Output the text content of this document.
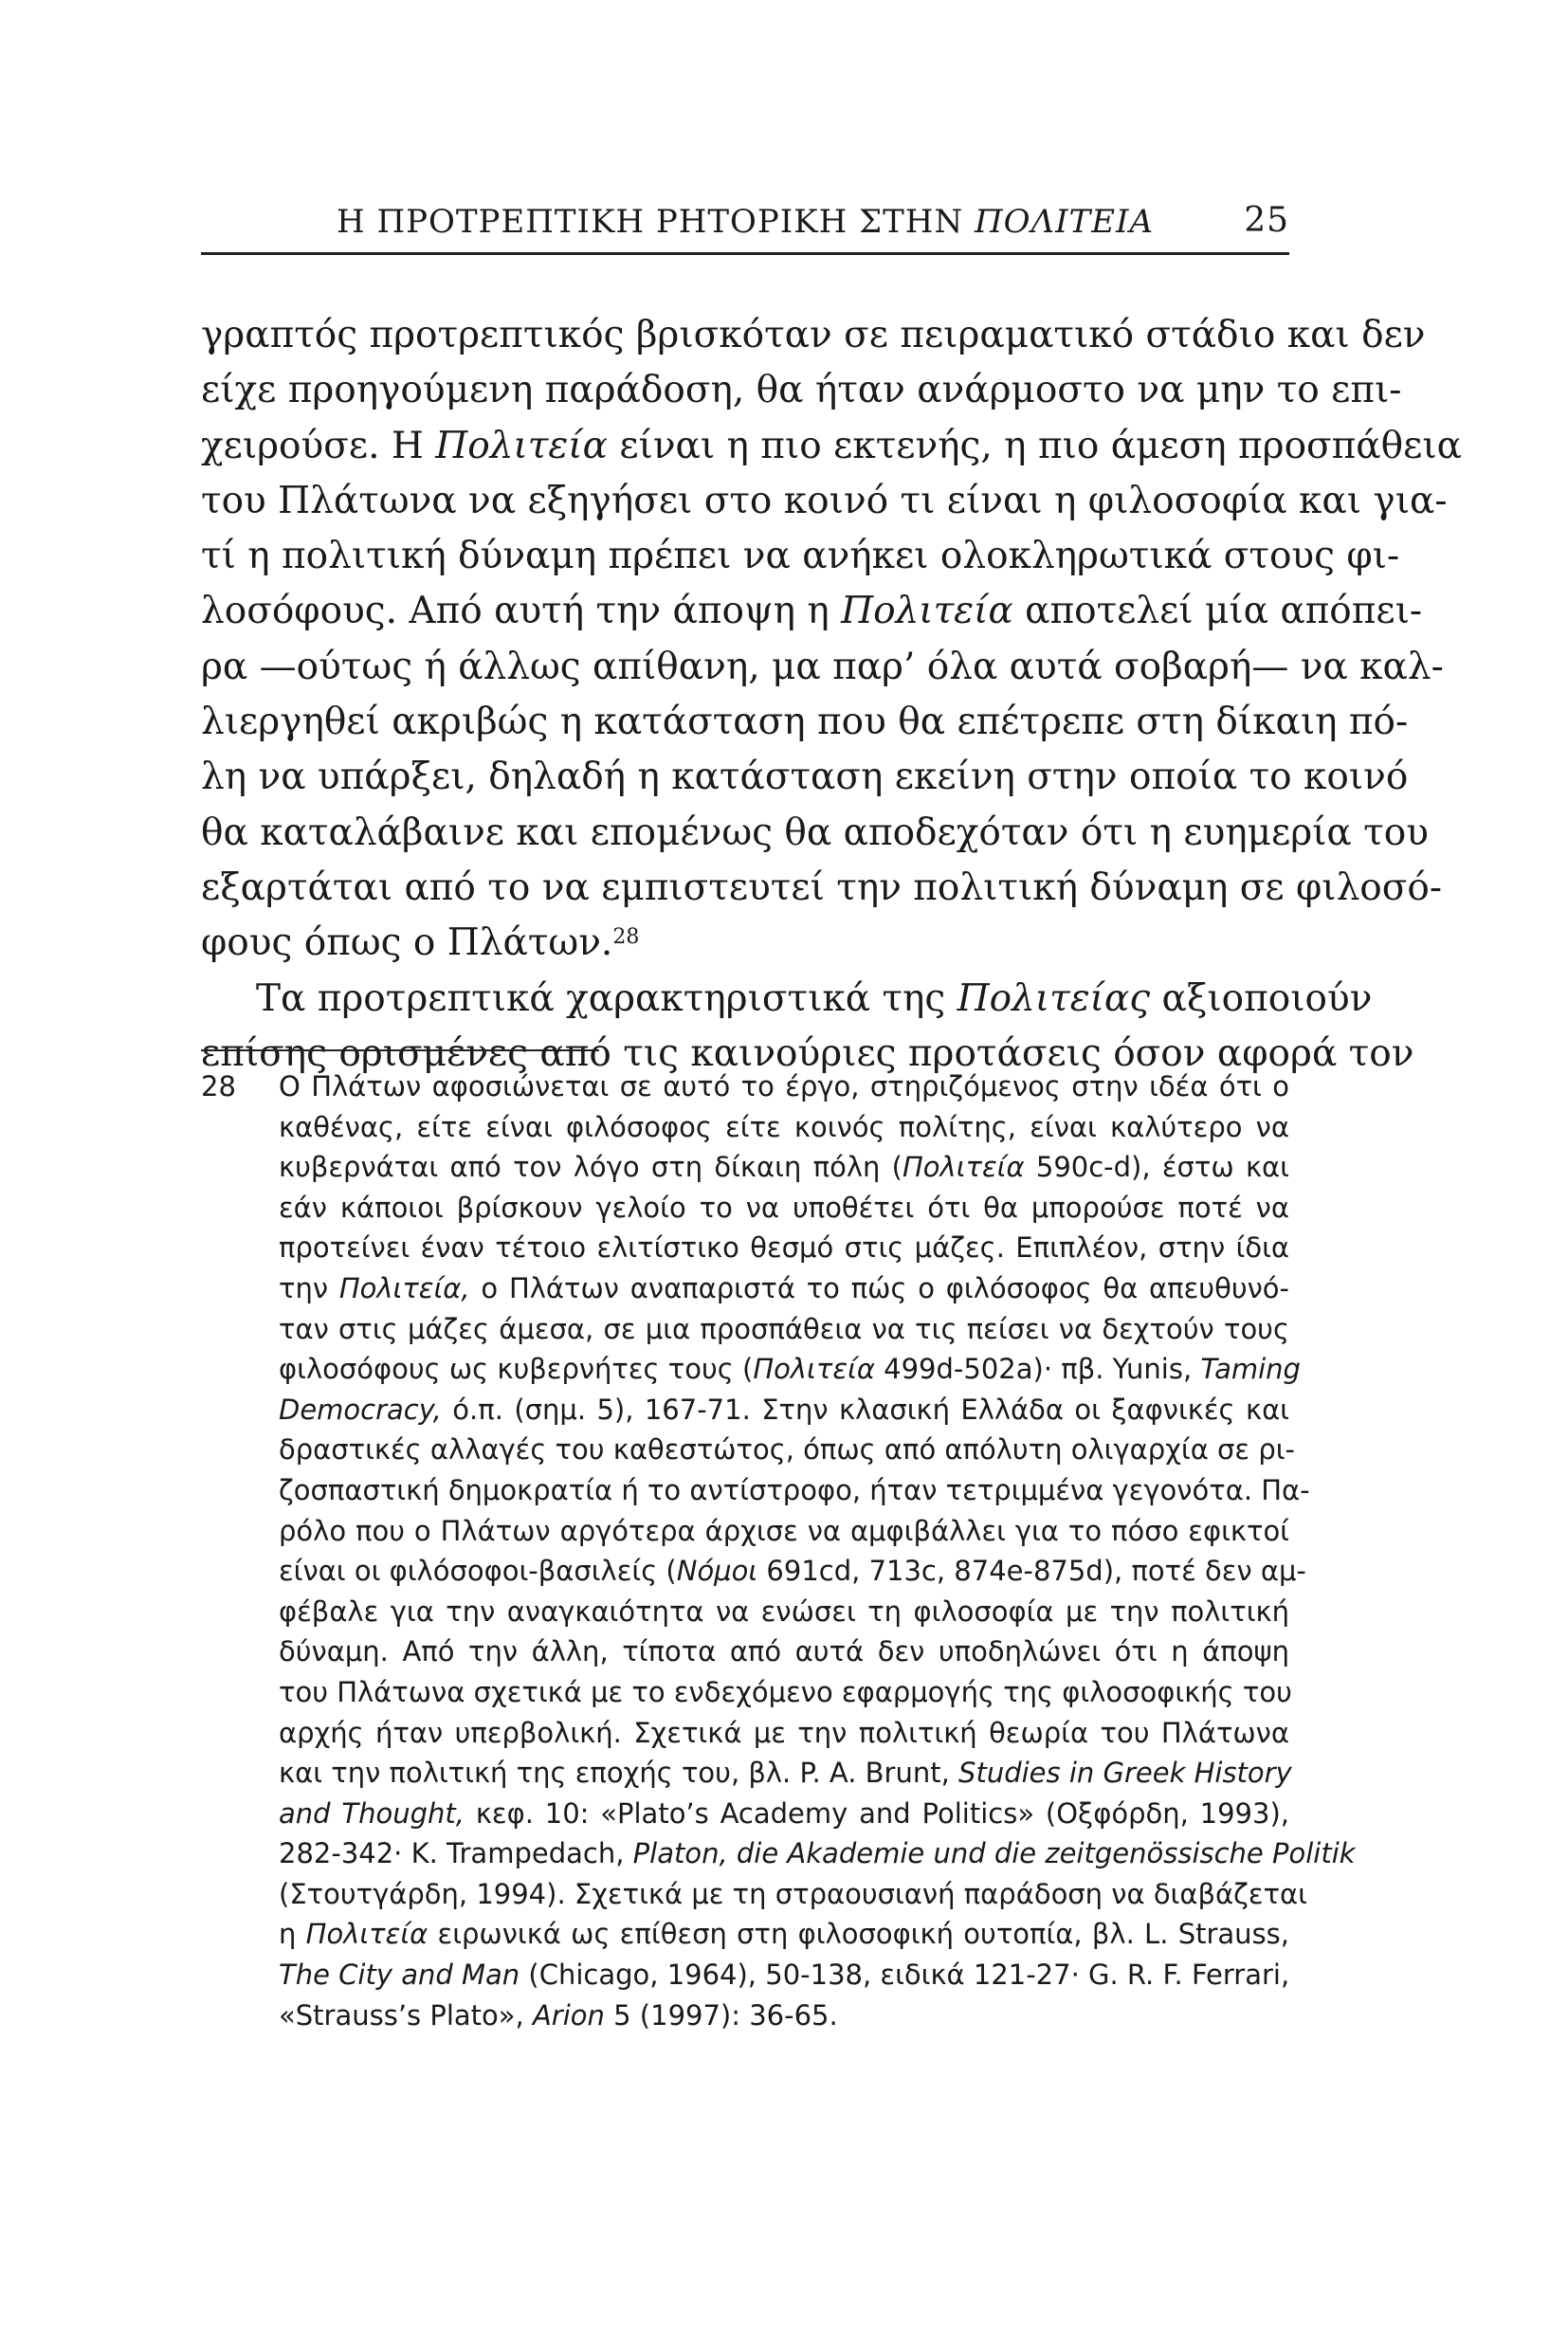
Η ΠΡΟΤΡΕΠΤΙΚΗ ΡΗΤΟΡΙΚΗ ΣΤΗΝ ΠΟΛΙΤΕΙΑ	25
γραπτός προτρεπτικός βρισκόταν σε πειραματικό στάδιο και δεν
είχε προηγούμενη παράδοση, θα ήταν ανάρμοστο να μην το επι-
χειρούσε. Η Πολιτεία είναι η πιο εκτενής, η πιο άμεση προσπάθεια
του Πλάτωνα να εξηγήσει στο κοινό τι είναι η φιλοσοφία και για-
τί η πολιτική δύναμη πρέπει να ανήκει ολοκληρωτικά στους φι-
λοσόφους. Από αυτή την άποψη η Πολιτεία αποτελεί μία απόπει-
ρα —ούτως ή άλλως απίθανη, μα παρ’ όλα αυτά σοβαρή— να καλ-
λιεργηθεί ακριβώς η κατάσταση που θα επέτρεπε στη δίκαιη πό-
λη να υπάρξει, δηλαδή η κατάσταση εκείνη στην οποία το κοινό
θα καταλάβαινε και επομένως θα αποδεχόταν ότι η ευημερία του
εξαρτάται από το να εμπιστευτεί την πολιτική δύναμη σε φιλοσό-
φους όπως ο Πλάτων.$^{28}$
Τα προτρεπτικά χαρακτηριστικά της Πολιτείας αξιοποιούν
επίσης ορισμένες από τις καινούριες προτάσεις όσον αφορά τον
28 Ο Πλάτων αφοσιώνεται σε αυτό το έργο, στηριζόμενος στην ιδέα ότι ο
καθένας, είτε είναι φιλόσοφος είτε κοινός πολίτης, είναι καλύτερο να
κυβερνάται από τον λόγο στη δίκαιη πόλη (Πολιτεία 590c-d), έστω και
εάν κάποιοι βρίσκουν γελοίο το να υποθέτει ότι θα μπορούσε ποτέ να
προτείνει έναν τέτοιο ελιτίστικο θεσμό στις μάζες. Επιπλέον, στην ίδια
την Πολιτεία, ο Πλάτων αναπαριστά το πώς ο φιλόσοφος θα απευθυνό-
ταν στις μάζες άμεσα, σε μια προσπάθεια να τις πείσει να δεχτούν τους
φιλοσόφους ως κυβερνήτες τους (Πολιτεία 499d-502a)· πβ. Yunis, Taming
Democracy, ό.π. (σημ. 5), 167-71. Στην κλασική Ελλάδα οι ξαφνικές και
δραστικές αλλαγές του καθεστώτος, όπως από απόλυτη ολιγαρχία σε ρι-
ζοσπαστική δημοκρατία ή το αντίστροφο, ήταν τετριμμένα γεγονότα. Πα-
ρόλο που ο Πλάτων αργότερα άρχισε να αμφιβάλλει για το πόσο εφικτοί
είναι οι φιλόσοφοι-βασιλείς (Νόμοι 691cd, 713c, 874e-875d), ποτέ δεν αμ-
φέβαλε για την αναγκαιότητα να ενώσει τη φιλοσοφία με την πολιτική
δύναμη. Από την άλλη, τίποτα από αυτά δεν υποδηλώνει ότι η άποψη
του Πλάτωνα σχετικά με το ενδεχόμενο εφαρμογής της φιλοσοφικής του
αρχής ήταν υπερβολική. Σχετικά με την πολιτική θεωρία του Πλάτωνα
και την πολιτική της εποχής του, βλ. P. A. Brunt, Studies in Greek History
and Thought, κεφ. 10: «Plato’s Academy and Politics» (Οξφόρδη, 1993),
282-342· K. Trampedach, Platon, die Akademie und die zeitgenössische Politik
(Στουτγάρδη, 1994). Σχετικά με τη στραουσιανή παράδοση να διαβάζεται
η Πολιτεία ειρωνικά ως επίθεση στη φιλοσοφική ουτοπία, βλ. L. Strauss,
The City and Man (Chicago, 1964), 50-138, ειδικά 121-27· G. R. F. Ferrari,
«Strauss’s Plato», Arion 5 (1997): 36-65.
